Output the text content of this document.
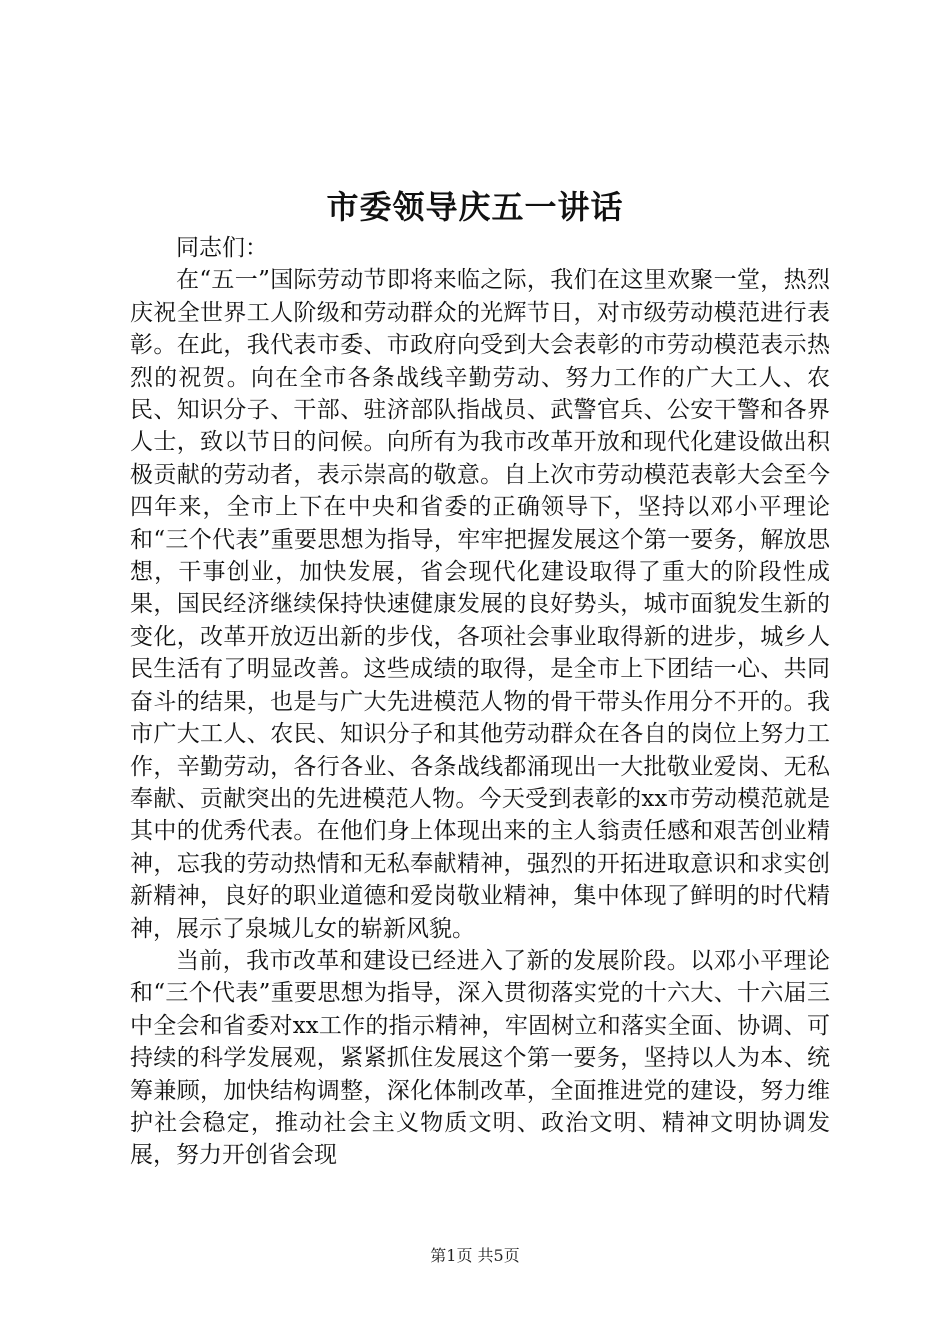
市委领导庆五一讲话

同志们：

在“五一”国际劳动节即将来临之际，我们在这里欢聚一堂，热烈庆祝全世界工人阶级和劳动群众的光辉节日，对市级劳动模范进行表彰。在此，我代表市委、市政府向受到大会表彰的市劳动模范表示热烈的祝贺。向在全市各条战线辛勤劳动、努力工作的广大工人、农民、知识分子、干部、驻济部队指战员、武警官兵、公安干警和各界人士，致以节日的问候。向所有为我市改革开放和现代化建设做出积极贡献的劳动者，表示崇高的敬意。自上次市劳动模范表彰大会至今四年来，全市上下在中央和省委的正确领导下，坚持以邓小平理论和“三个代表”重要思想为指导，牢牢把握发展这个第一要务，解放思想，干事创业，加快发展，省会现代化建设取得了重大的阶段性成果，国民经济继续保持快速健康发展的良好势头，城市面貌发生新的变化，改革开放迈出新的步伐，各项社会事业取得新的进步，城乡人民生活有了明显改善。这些成绩的取得，是全市上下团结一心、共同奋斗的结果，也是与广大先进模范人物的骨干带头作用分不开的。我市广大工人、农民、知识分子和其他劳动群众在各自的岗位上努力工作，辛勤劳动，各行各业、各条战线都涌现出一大批敬业爱岗、无私奉献、贡献突出的先进模范人物。今天受到表彰的xx市劳动模范就是其中的优秀代表。在他们身上体现出来的主人翁责任感和艰苦创业精神，忘我的劳动热情和无私奉献精神，强烈的开拓进取意识和求实创新精神，良好的职业道德和爱岗敬业精神，集中体现了鲜明的时代精神，展示了泉城儿女的崭新风貌。

当前，我市改革和建设已经进入了新的发展阶段。以邓小平理论和“三个代表”重要思想为指导，深入贯彻落实党的十六大、十六届三中全会和省委对xx工作的指示精神，牢固树立和落实全面、协调、可持续的科学发展观，紧紧抓住发展这个第一要务，坚持以人为本、统筹兼顾，加快结构调整，深化体制改革，全面推进党的建设，努力维护社会稳定，推动社会主义物质文明、政治文明、精神文明协调发展，努力开创省会现

第1页 共5页
